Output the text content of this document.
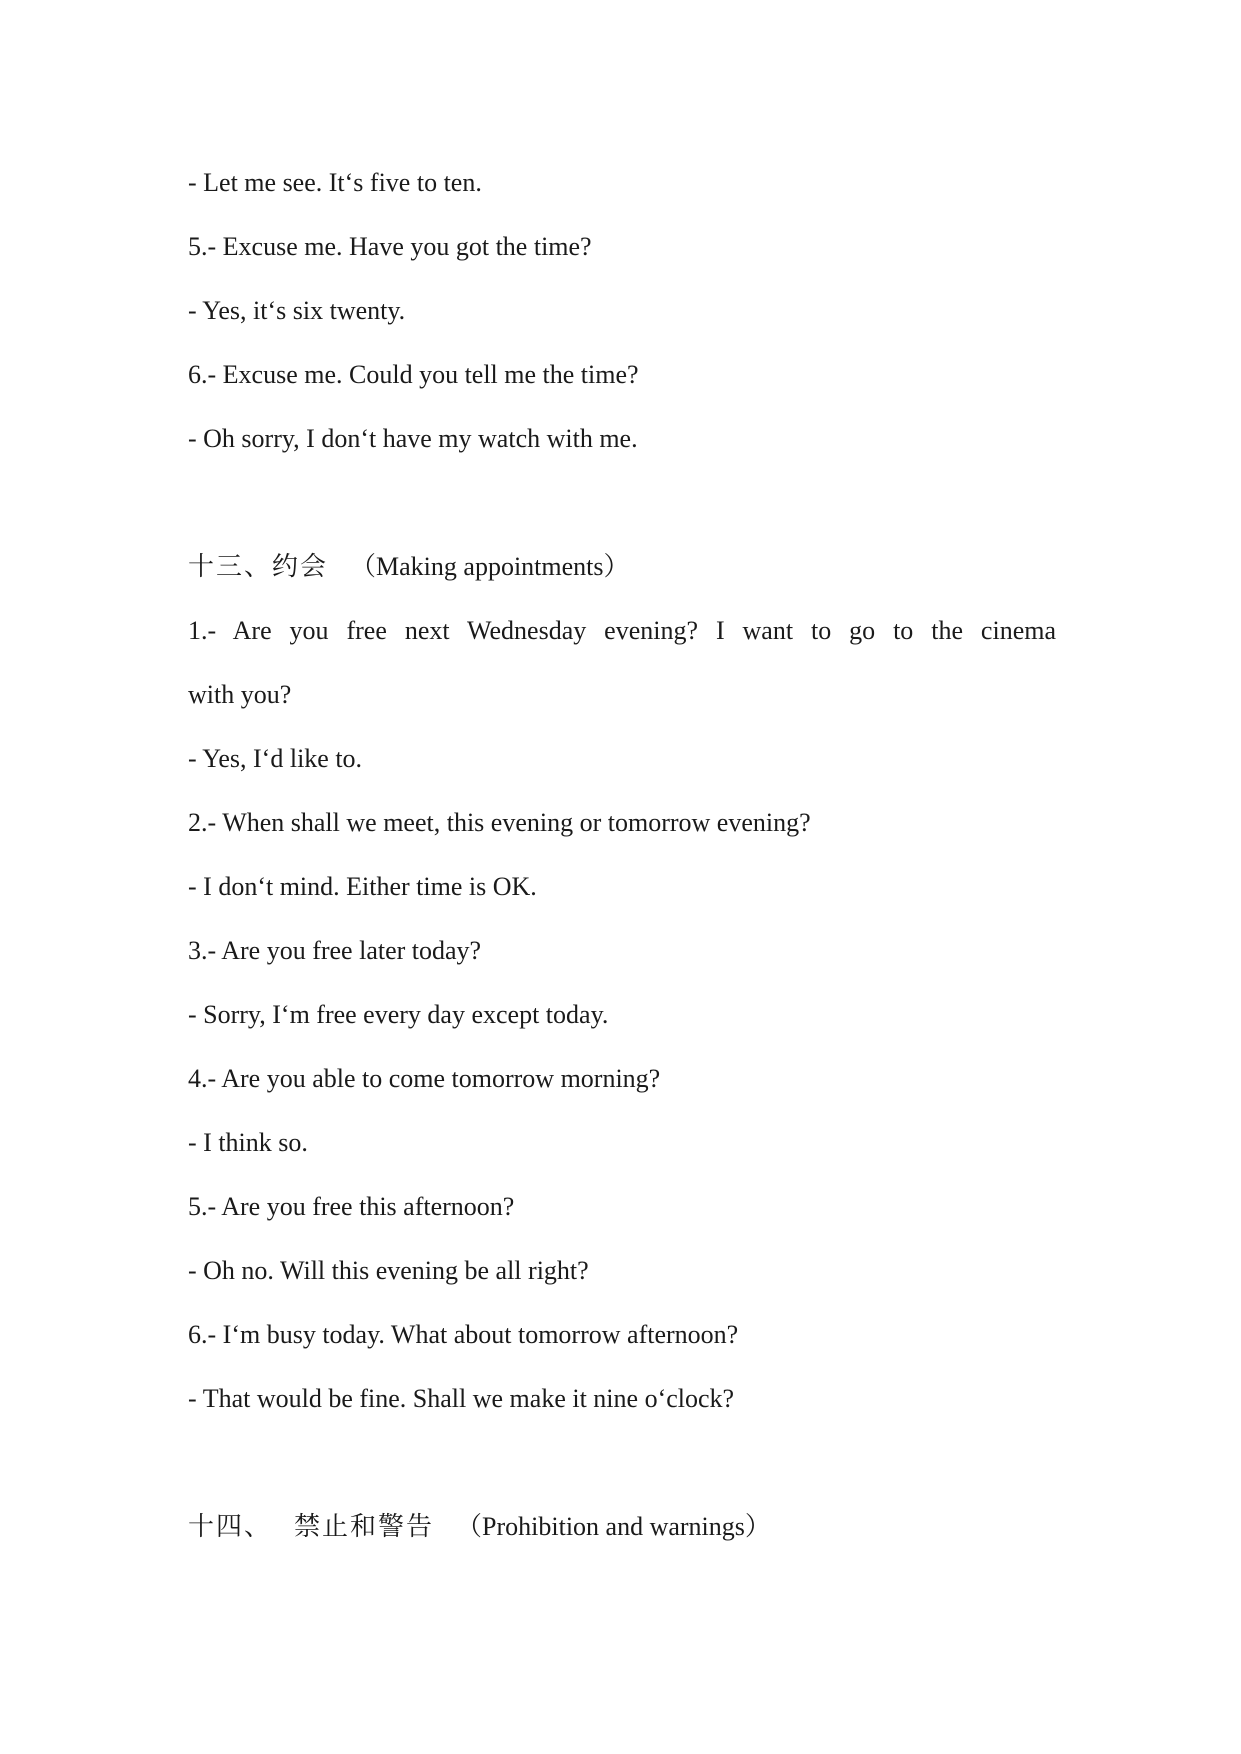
- Let me see. It‘s five to ten.
5.- Excuse me. Have you got the time?
- Yes, it‘s six twenty.
6.- Excuse me. Could you tell me the time?
- Oh sorry, I don‘t have my watch with me.
十三、约会 （Making appointments）
1.- Are you free next Wednesday evening? I want to go to the cinema
with you?
- Yes, I‘d like to.
2.- When shall we meet, this evening or tomorrow evening?
- I don‘t mind. Either time is OK.
3.- Are you free later today?
- Sorry, I‘m free every day except today.
4.- Are you able to come tomorrow morning?
- I think so.
5.- Are you free this afternoon?
- Oh no. Will this evening be all right?
6.- I‘m busy today. What about tomorrow afternoon?
- That would be fine. Shall we make it nine o‘clock?
十四、 禁止和警告 （Prohibition and warnings）
